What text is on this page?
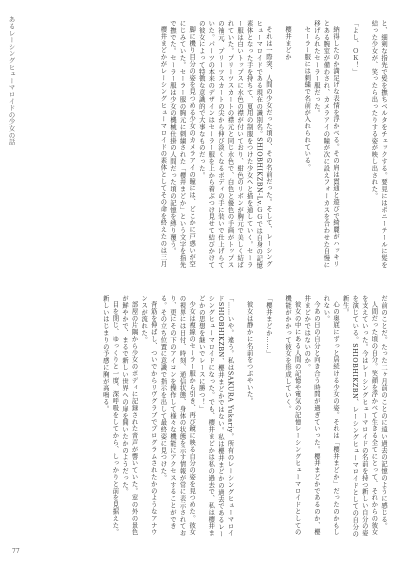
あるレーシングヒューマロイドの少女の話	と、細剣な指先で髪を撫ちベルタをチェックする。要見にはポニーテールに髪を結った少女が、笑ったら出ったりする姿が映し出された。

「よし、ＯＫ！」

納得したのか満足げな表情を浮かべる。その肩は貫通と遊びで綺麗がハッキリとある腕室が備わされ、カメラアイの瞳が次に設えフォーカスを合わせた自慢に移げられたセーラー服だった。

セーラー服には刺繍で名前が入れられている。

櫻井まどか

それは一際突、人間の少女だった頃の、その名前だった。そして、レーシングヒューマロイドである現在の識別名。SHIOBHIKZBN-Lv.ＧＧでは自身の記憶素体となった手を持ちて、夏用の制服をつけた少女へと描を通していく。セーラー服は白いトップスに水色の襟が付いており、紺色のリボンが胸元で美しく結ばれていた。プリーツスカートの襟元と同じ水色で、白色と優色の手画がトップスの袖元、プリーツスカートの尖から伸び淡くなるボディの手に装いで仕上げらていた。パーツの本来のデザインはセーラー服を上から着ぶつけ見せて結びかけての彼女によって特徴な意識的で大事なものだった。

脚に機り目分の姿を見つめる少女のカメラアイの瞳には、どこかに戸惑いが空にじみていた。セーラー服の胸元に刺繍された「櫻井まどか」という文字を指先で撫でた。セーラー服は少女の機械仕掛の人間だった頃の記憶を縛り覆う。

櫻井まどかがレーシングヒューマロイドの素体としてその命を終えたのは三月

だ前のことだ。たった二ヶ月前のことのに遠い過去の記憶のように感じる。

人間だった頃の自分。笑顔を浮かべて生きる全てにとって、それからの彼女を支えていった。今はレーシングヒューマロイドの名前を持つ新しい自分の姿を演じている。SHIOBHIKZBN、レーシングヒューマロイドとしての自分の新生。

心の奥底にずっと居続ける少女の姿。それは「櫻井まどか」だったのかもしれない。

今あの日の自分と向き合う時間が過ぎていった。櫻井まどかであるのか、櫻井まどかではないのか。

彼女の中にある人間の記憶や電気の記憶レーシングヒューマロイドとしての機能がかかって彼女を形成していく。

「櫻井まどか……」

彼女は静かに名前をつぶやいた。

「……いや。違う。私はSAKURA Yukariy。所有のレーシングヒューマロイドSHIOBHIKZBN、櫻井まどかではない。私は櫻井まどかの過去であるレーシングヒューマロイドになった。でも、櫻井まどかは私の過去で、私は櫻井まどかの思想を継いでレースに勝つ！」

少女は複線のセーラー服から引き、再び鏡に映る自分の姿を見つめた。彼女の視界には日付、時刻、通信状態、身体の状態を示す情報が常に表示されており、更にその下のアイコンを操作して様々な機能にアクセスすることができる。その立ち位置に意識で指示を出して最終姿に見つけた。

背筋を伸ばし、ついでからリヴグラブでプログラムされたかのようなアナウンスが流れた。

部屋の片隅から少女のボディに記録された音声が響いていた。窓の外の景色が鮮やかで、まるで新しい世界への扉を開いたかのようだった。

目を閉じ、ゆっくりと一度、深呼吸をしてから、しっかりと前を見据えた。新しいはじまりの予感に胸が高鳴る。

77
